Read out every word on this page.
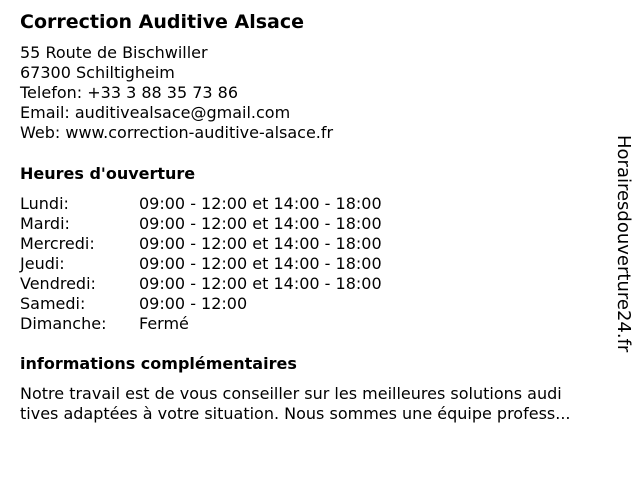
Correction Auditive Alsace
55 Route de Bischwiller
67300 Schiltigheim
Telefon: +33 3 88 35 73 86
Email: auditivealsace@gmail.com
Web: www.correction-auditive-alsace.fr
Heures d'ouverture
Lundi:	09:00 - 12:00 et 14:00 - 18:00
Mardi:	09:00 - 12:00 et 14:00 - 18:00
Mercredi:	09:00 - 12:00 et 14:00 - 18:00
Jeudi:	09:00 - 12:00 et 14:00 - 18:00
Vendredi:	09:00 - 12:00 et 14:00 - 18:00
Samedi:	09:00 - 12:00
Dimanche: Fermé
informations complémentaires
Notre travail est de vous conseiller sur les meilleures solutions audi
tives adaptées à votre situation. Nous sommes une équipe profess...
Horairesdouverture24.fr
